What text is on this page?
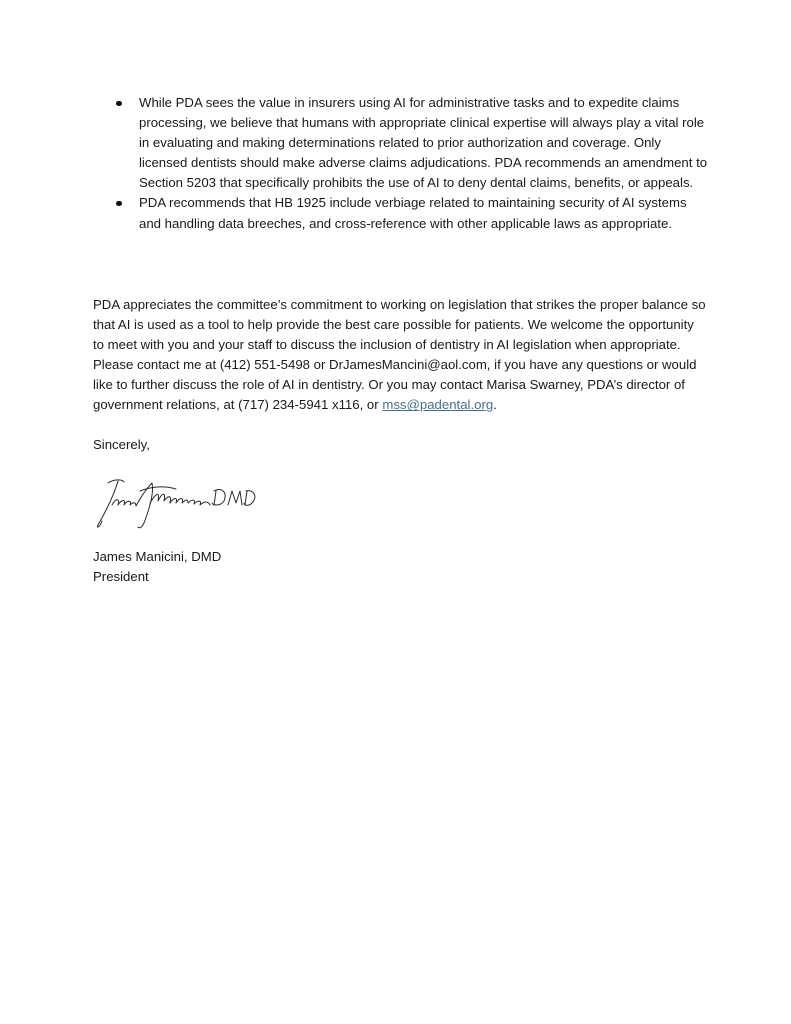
While PDA sees the value in insurers using AI for administrative tasks and to expedite claims processing, we believe that humans with appropriate clinical expertise will always play a vital role in evaluating and making determinations related to prior authorization and coverage. Only licensed dentists should make adverse claims adjudications. PDA recommends an amendment to Section 5203 that specifically prohibits the use of AI to deny dental claims, benefits, or appeals.
PDA recommends that HB 1925 include verbiage related to maintaining security of AI systems and handling data breeches, and cross-reference with other applicable laws as appropriate.

PDA appreciates the committee’s commitment to working on legislation that strikes the proper balance so that AI is used as a tool to help provide the best care possible for patients. We welcome the opportunity to meet with you and your staff to discuss the inclusion of dentistry in AI legislation when appropriate. Please contact me at (412) 551-5498 or DrJamesMancini@aol.com, if you have any questions or would like to further discuss the role of AI in dentistry. Or you may contact Marisa Swarney, PDA’s director of government relations, at (717) 234-5941 x116, or mss@padental.org.

Sincerely,

James Manicini, DMD

President
